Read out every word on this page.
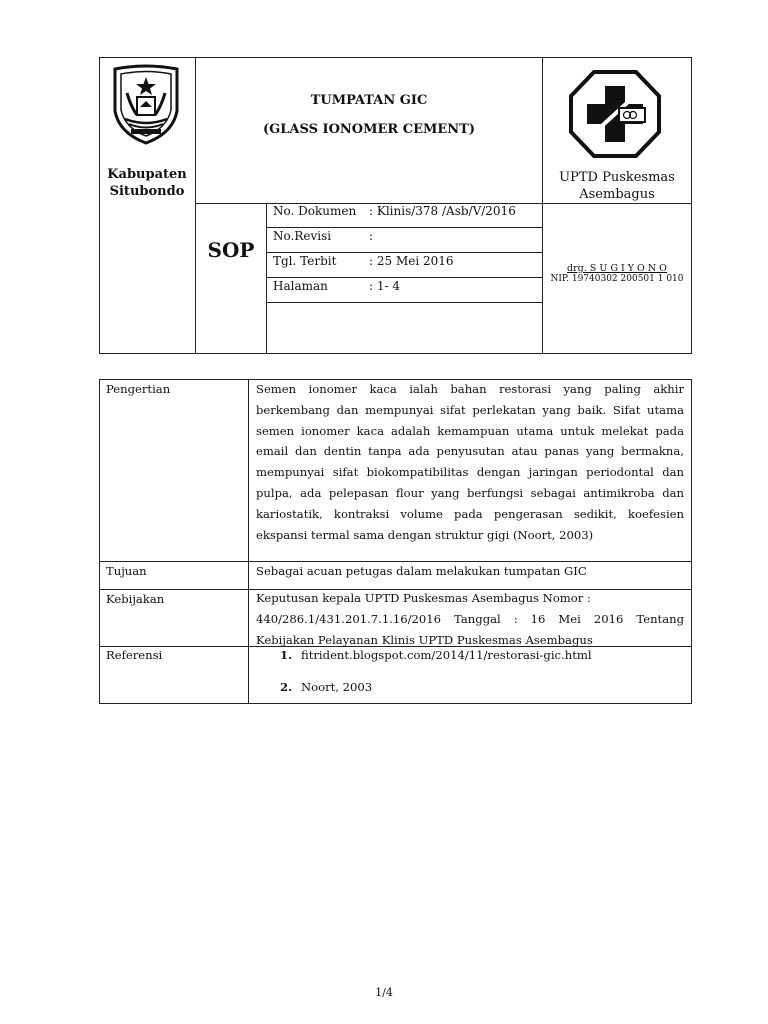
Kabupaten
Situbondo
TUMPATAN GIC
(GLASS IONOMER CEMENT)
UPTD Puskesmas
Asembagus
SOP
No. Dokumen : Klinis/378 /Asb/V/2016
No.Revisi	:
Tgl. Terbit	: 25 Mei 2016
Halaman	: 1- 4
drg. S U G I Y O N O
NIP. 19740302 200501 1 010
Pengertian	Semen ionomer kaca ialah bahan restorasi yang paling akhir
berkembang dan mempunyai sifat perlekatan yang baik. Sifat utama
semen ionomer kaca adalah kemampuan utama untuk melekat pada
email dan dentin tanpa ada penyusutan atau panas yang bermakna,
mempunyai sifat biokompatibilitas dengan jaringan periodontal dan
pulpa, ada pelepasan flour yang berfungsi sebagai antimikroba dan
kariostatik, kontraksi volume pada pengerasan sedikit, koefesien
ekspansi termal sama dengan struktur gigi (Noort, 2003)
Tujuan	Sebagai acuan petugas dalam melakukan tumpatan GIC
Kebijakan	Keputusan kepala UPTD Puskesmas Asembagus Nomor :
440/286.1/431.201.7.1.16/2016 Tanggal : 16 Mei 2016 Tentang
Kebijakan Pelayanan Klinis UPTD Puskesmas Asembagus
Referensi	1. fitrident.blogspot.com/2014/11/restorasi-gic.html
2. Noort, 2003
1/4
